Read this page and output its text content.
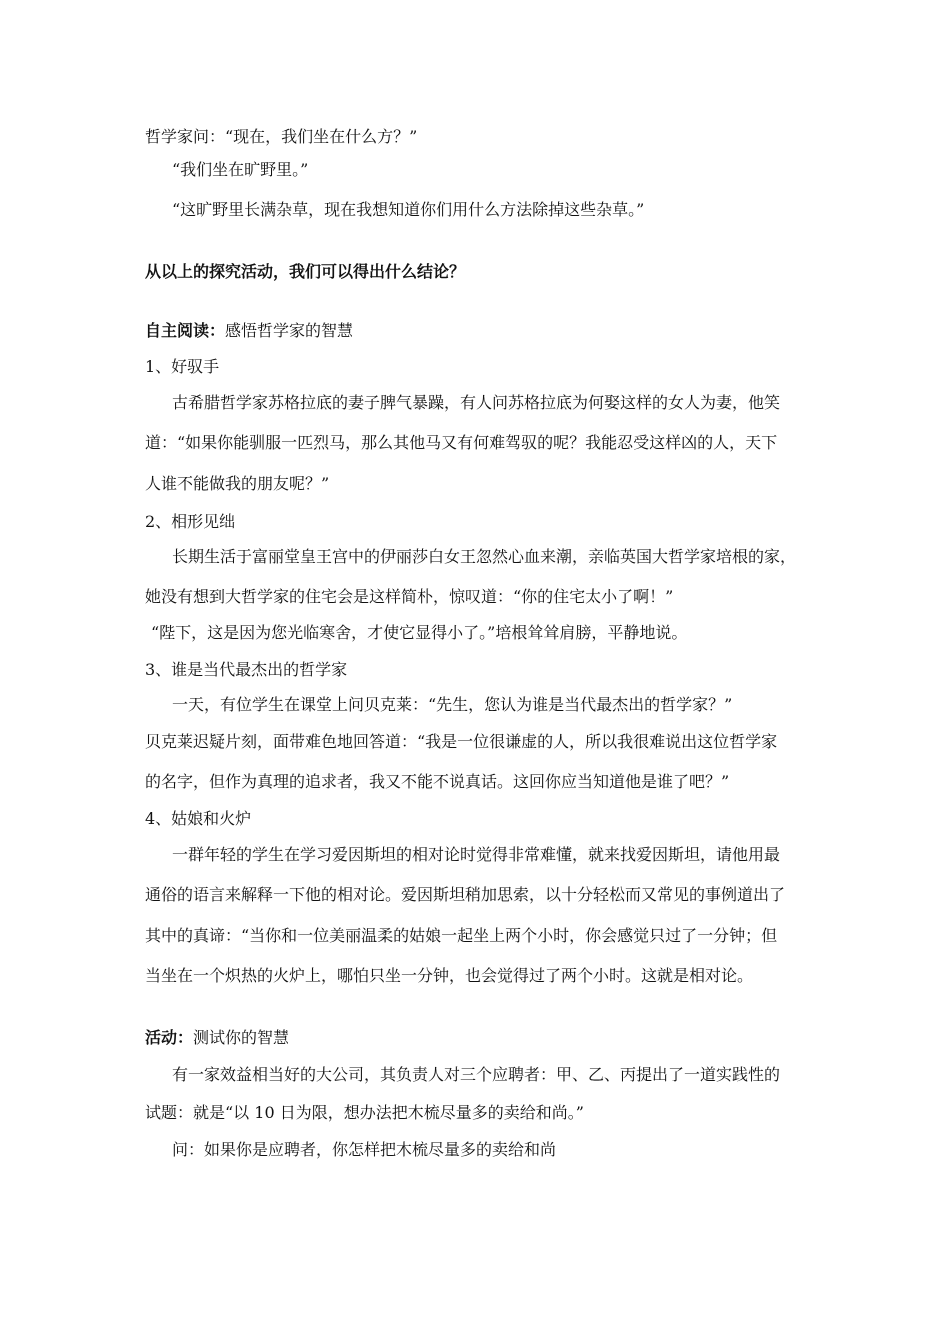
哲学家问：“现在，我们坐在什么方？”

“我们坐在旷野里。”

“这旷野里长满杂草，现在我想知道你们用什么方法除掉这些杂草。”

从以上的探究活动，我们可以得出什么结论？

自主阅读：感悟哲学家的智慧

1、好驭手

古希腊哲学家苏格拉底的妻子脾气暴躁，有人问苏格拉底为何娶这样的女人为妻，他笑

道：“如果你能驯服一匹烈马，那么其他马又有何难驾驭的呢？我能忍受这样凶的人，天下

人谁不能做我的朋友呢？”

2、相形见绌

长期生活于富丽堂皇王宫中的伊丽莎白女王忽然心血来潮，亲临英国大哲学家培根的家，

她没有想到大哲学家的住宅会是这样简朴，惊叹道：“你的住宅太小了啊！”

“陛下，这是因为您光临寒舍，才使它显得小了。”培根耸耸肩膀，平静地说。

3、谁是当代最杰出的哲学家

一天，有位学生在课堂上问贝克莱：“先生，您认为谁是当代最杰出的哲学家？”

贝克莱迟疑片刻，面带难色地回答道：“我是一位很谦虚的人，所以我很难说出这位哲学家

的名字，但作为真理的追求者，我又不能不说真话。这回你应当知道他是谁了吧？”

4、姑娘和火炉

一群年轻的学生在学习爱因斯坦的相对论时觉得非常难懂，就来找爱因斯坦，请他用最

通俗的语言来解释一下他的相对论。爱因斯坦稍加思索，以十分轻松而又常见的事例道出了

其中的真谛：“当你和一位美丽温柔的姑娘一起坐上两个小时，你会感觉只过了一分钟；但

当坐在一个炽热的火炉上，哪怕只坐一分钟，也会觉得过了两个小时。这就是相对论。

活动：测试你的智慧

有一家效益相当好的大公司，其负责人对三个应聘者：甲、乙、丙提出了一道实践性的

试题：就是“以 10 日为限，想办法把木梳尽量多的卖给和尚。”

问：如果你是应聘者，你怎样把木梳尽量多的卖给和尚
